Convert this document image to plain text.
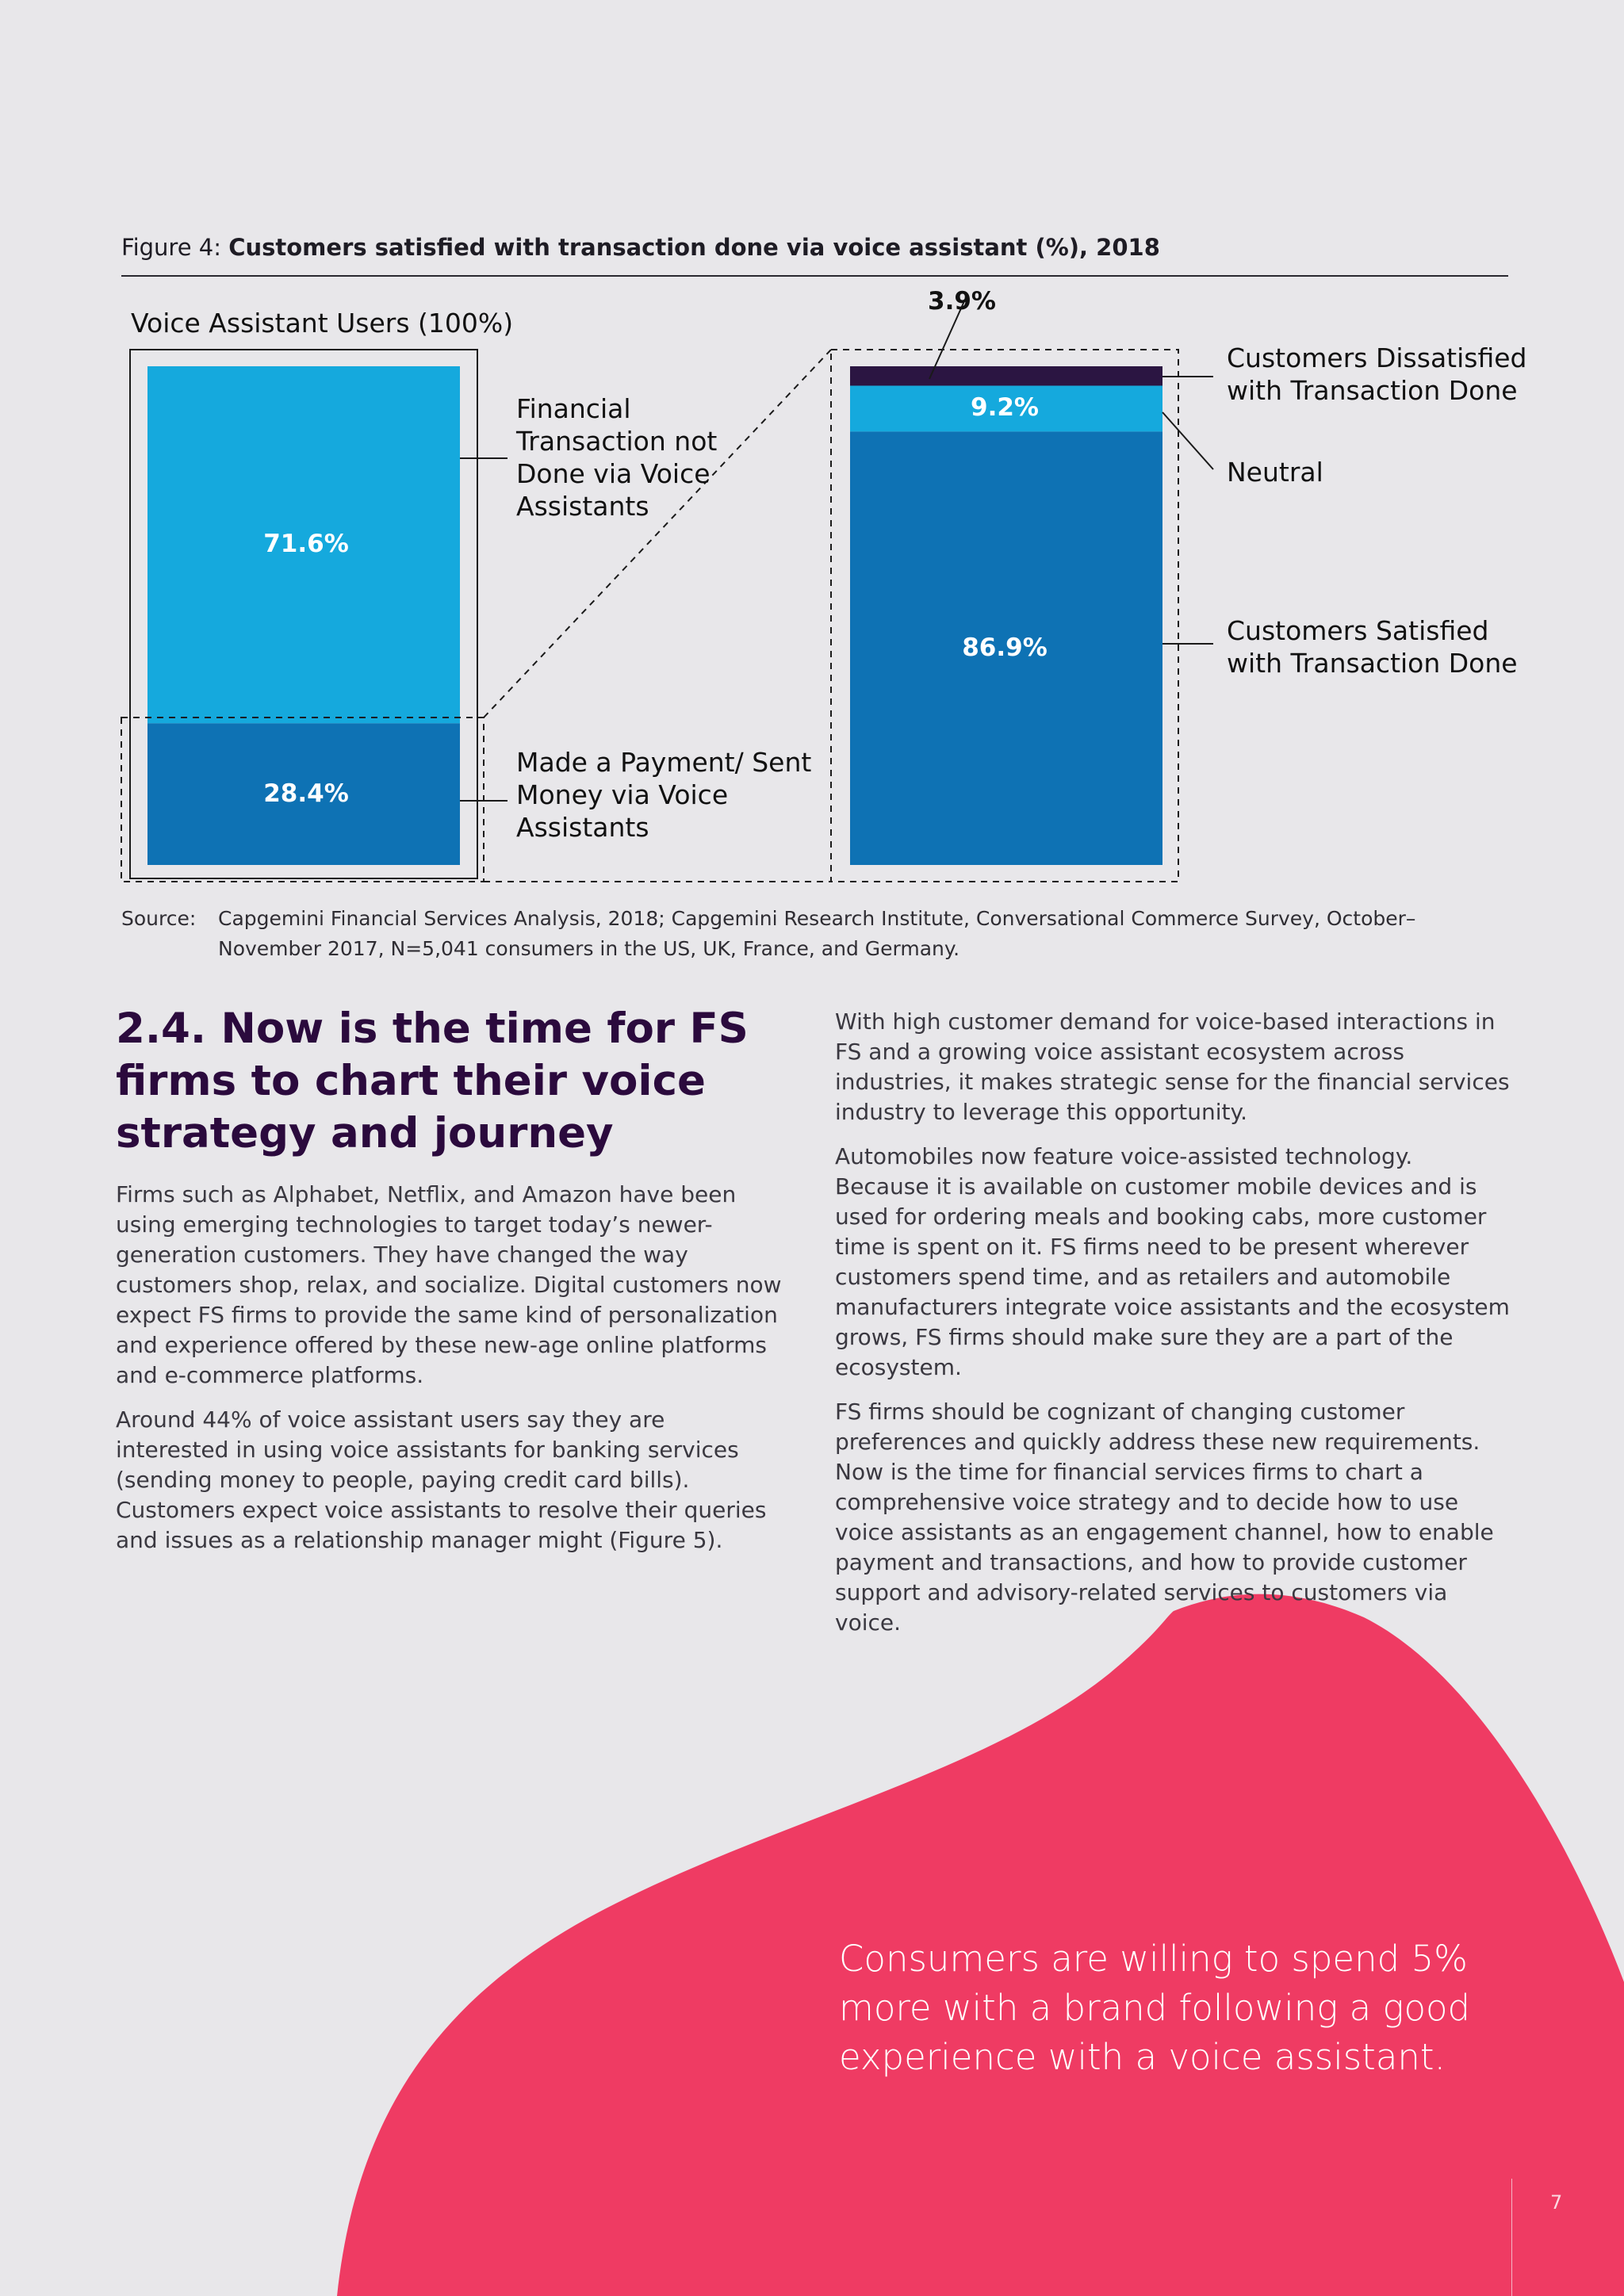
Figure 4: Customers satisfied with transaction done via voice assistant (%), 2018
Voice Assistant Users (100%)
71.6%
28.4%
3.9%
9.2%
86.9%
Financial
Transaction not
Done via Voice
Assistants
Made a Payment/ Sent
Money via Voice
Assistants
Customers Dissatisfied
with Transaction Done
Neutral
Customers Satisfied
with Transaction Done
Source: Capgemini Financial Services Analysis, 2018; Capgemini Research Institute, Conversational Commerce Survey, October–November 2017, N=5,041 consumers in the US, UK, France, and Germany.
2.4. Now is the time for FS firms to chart their voice strategy and journey

Firms such as Alphabet, Netflix, and Amazon have been using emerging technologies to target today’s newer-generation customers. They have changed the way customers shop, relax, and socialize. Digital customers now expect FS firms to provide the same kind of personalization and experience offered by these new-age online platforms and e-commerce platforms.

Around 44% of voice assistant users say they are interested in using voice assistants for banking services (sending money to people, paying credit card bills). Customers expect voice assistants to resolve their queries and issues as a relationship manager might (Figure 5).

With high customer demand for voice-based interactions in FS and a growing voice assistant ecosystem across industries, it makes strategic sense for the financial services industry to leverage this opportunity.

Automobiles now feature voice-assisted technology. Because it is available on customer mobile devices and is used for ordering meals and booking cabs, more customer time is spent on it. FS firms need to be present wherever customers spend time, and as retailers and automobile manufacturers integrate voice assistants and the ecosystem grows, FS firms should make sure they are a part of the ecosystem.

FS firms should be cognizant of changing customer preferences and quickly address these new requirements. Now is the time for financial services firms to chart a comprehensive voice strategy and to decide how to use voice assistants as an engagement channel, how to enable payment and transactions, and how to provide customer support and advisory-related services to customers via voice.

Consumers are willing to spend 5% more with a brand following a good experience with a voice assistant.
7
